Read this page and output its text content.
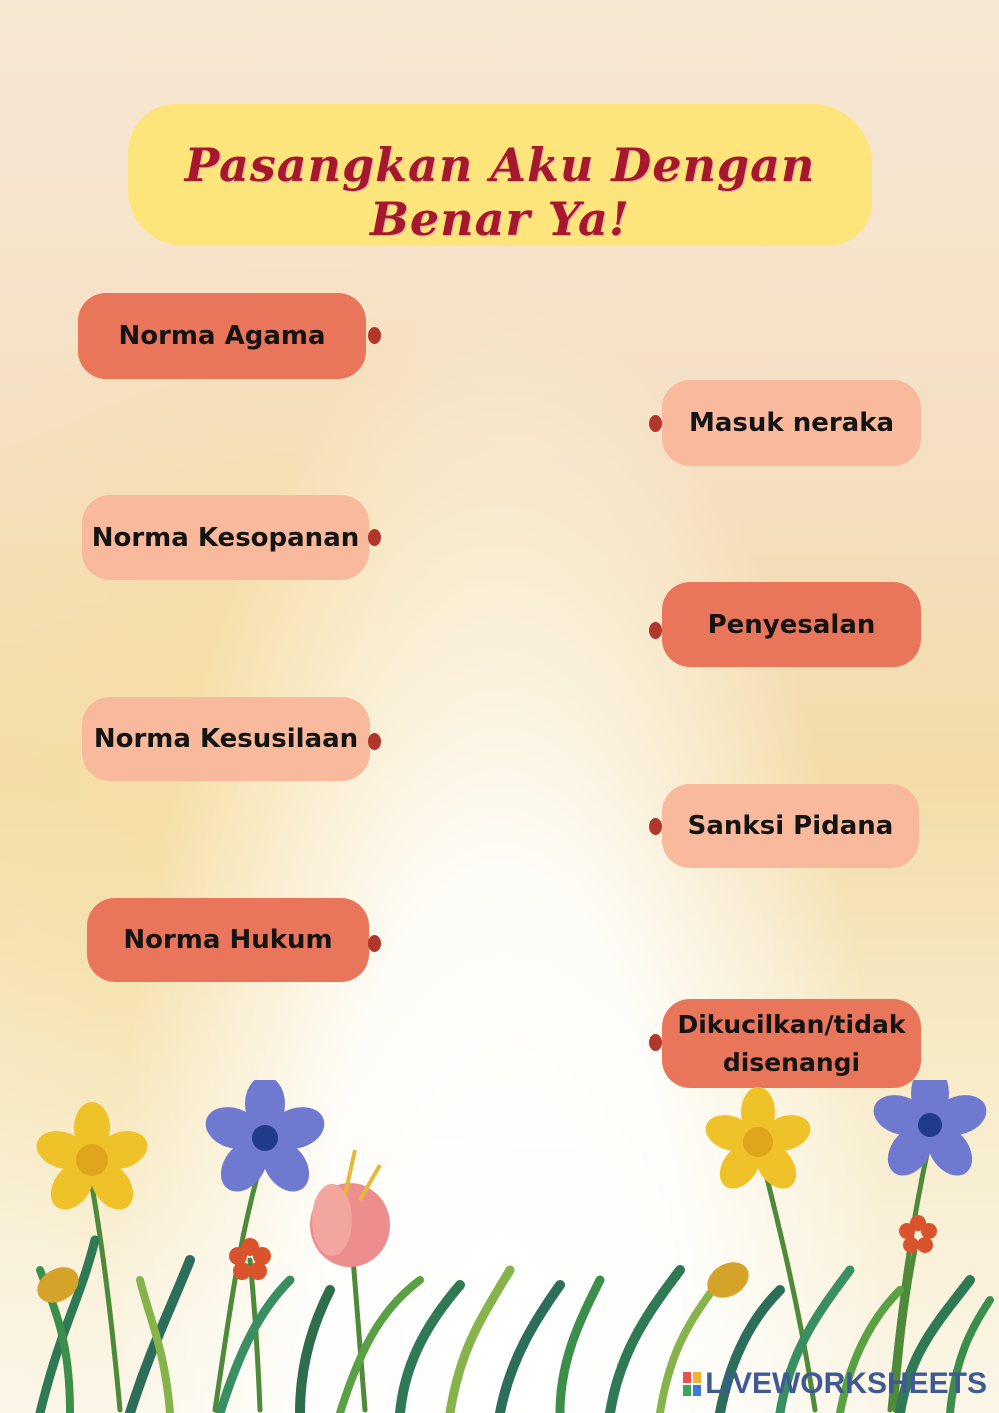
Pasangkan Aku Dengan Benar Ya!
Norma Agama
Norma Kesopanan
Norma Kesusilaan
Norma Hukum
Masuk neraka
Penyesalan
Sanksi Pidana
Dikucilkan/tidak disenangi
LIVEWORKSHEETS
